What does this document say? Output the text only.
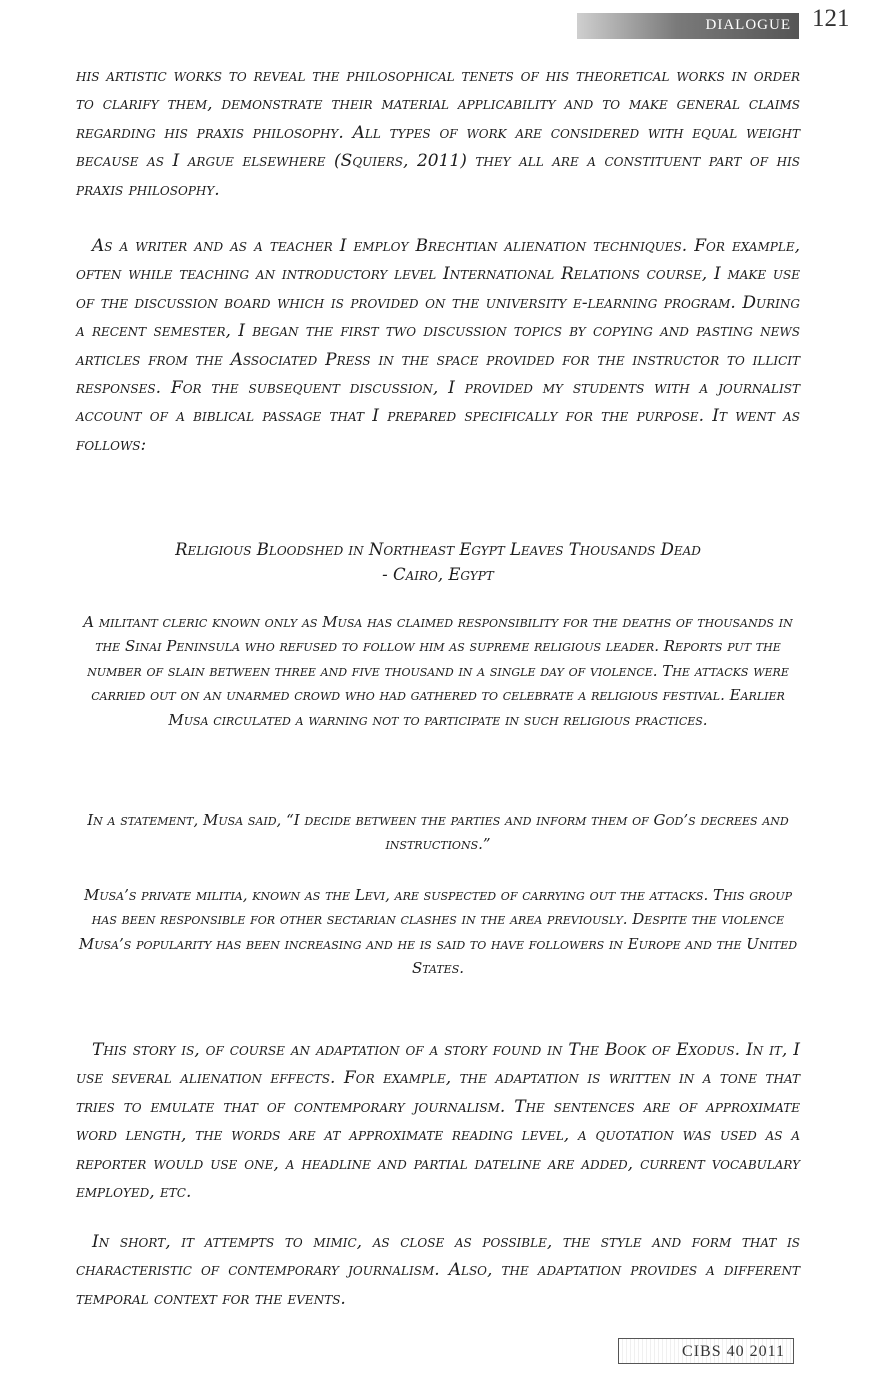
DIALOGUE 121

his artistic works to reveal the philosophical tenets of his theoretical works in order to clarify them, demonstrate their material applicability and to make general claims regarding his praxis philosophy. All types of work are considered with equal weight because as I argue elsewhere (Squiers, 2011) they all are a constituent part of his praxis philosophy.

As a writer and as a teacher I employ Brechtian alienation techniques. For example, often while teaching an introductory level International Relations course, I make use of the discussion board which is provided on the university e-learning program. During a recent semester, I began the first two discussion topics by copying and pasting news articles from the Associated Press in the space provided for the instructor to illicit responses. For the subsequent discussion, I provided my students with a journalist account of a biblical passage that I prepared specifically for the purpose. It went as follows:

Religious Bloodshed in Northeast Egypt Leaves Thousands Dead
- Cairo, Egypt

A militant cleric known only as Musa has claimed responsibility for the deaths of thousands in the Sinai Peninsula who refused to follow him as supreme religious leader. Reports put the number of slain between three and five thousand in a single day of violence. The attacks were carried out on an unarmed crowd who had gathered to celebrate a religious festival. Earlier Musa circulated a warning not to participate in such religious practices.

In a statement, Musa said, “I decide between the parties and inform them of God’s decrees and instructions.”

Musa’s private militia, known as the Levi, are suspected of carrying out the attacks. This group has been responsible for other sectarian clashes in the area previously. Despite the violence Musa’s popularity has been increasing and he is said to have followers in Europe and the United States.

This story is, of course an adaptation of a story found in The Book of Exodus. In it, I use several alienation effects. For example, the adaptation is written in a tone that tries to emulate that of contemporary journalism. The sentences are of approximate word length, the words are at approximate reading level, a quotation was used as a reporter would use one, a headline and partial dateline are added, current vocabulary employed, etc.

In short, it attempts to mimic, as close as possible, the style and form that is characteristic of contemporary journalism. Also, the adaptation provides a different temporal context for the events.

CIBS 40 2011
